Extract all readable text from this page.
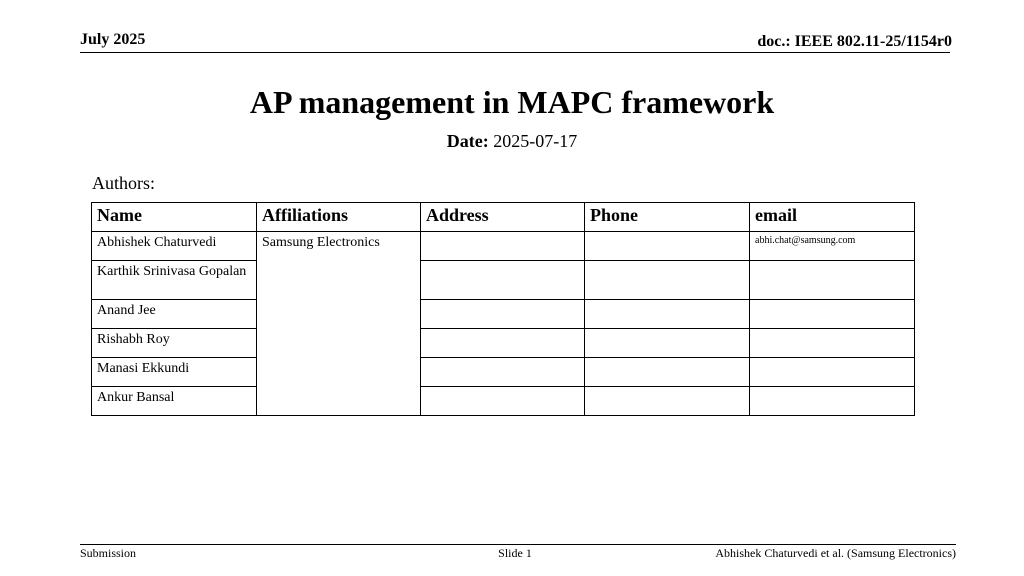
July 2025	doc.: IEEE 802.11-25/1154r0
AP management in MAPC framework
Date: 2025-07-17
Authors:
Name	Affiliations	Address	Phone	email
Abhishek Chaturvedi	Samsung Electronics			abhi.chat@samsung.com
Karthik Srinivasa Gopalan				
Anand Jee				
Rishabh Roy				
Manasi Ekkundi				
Ankur Bansal				
Submission	Slide 1	Abhishek Chaturvedi et al. (Samsung Electronics)
